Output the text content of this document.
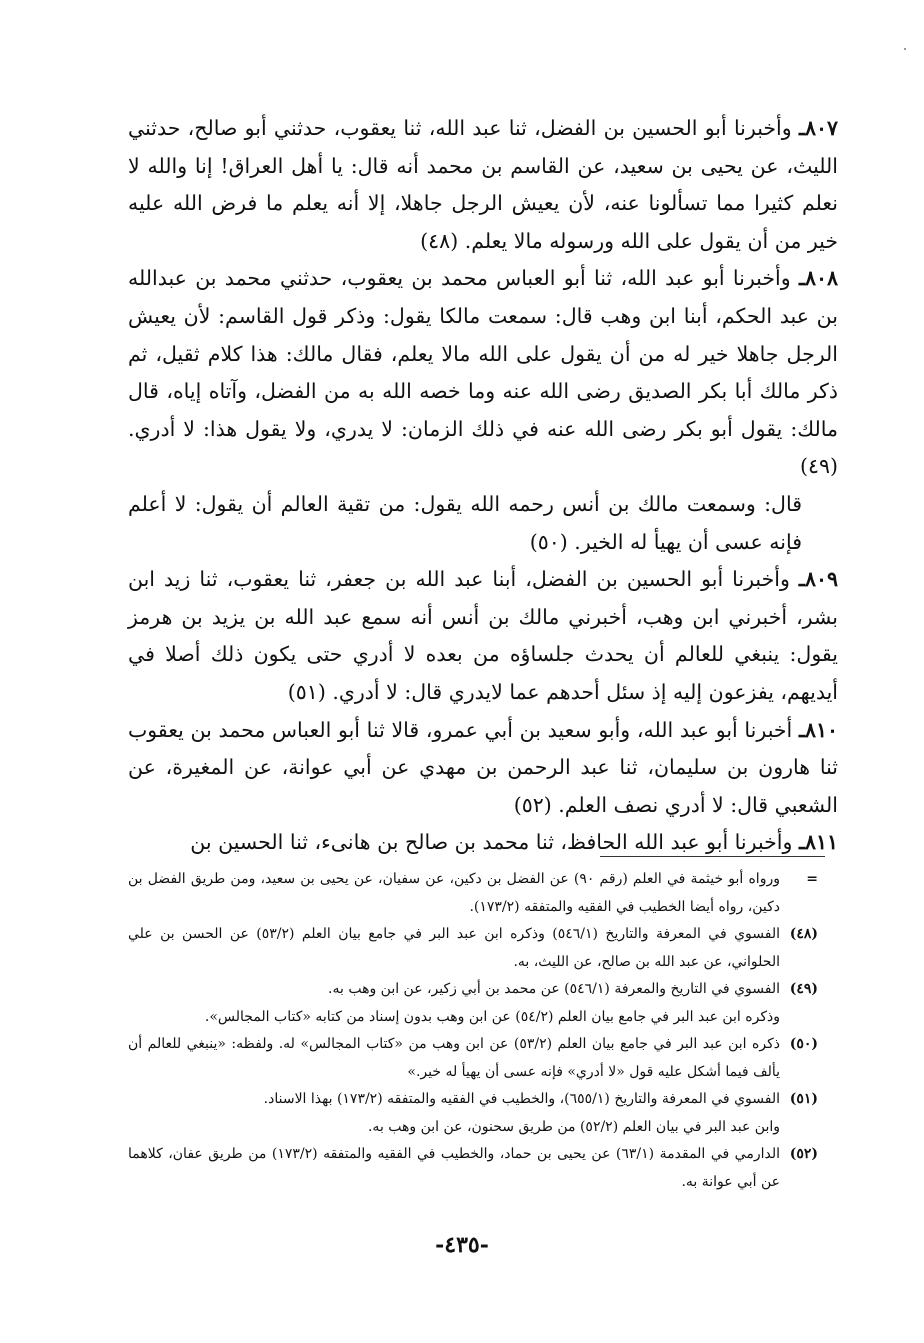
٨٠٧ـ وأخبرنا أبو الحسين بن الفضل، ثنا عبد الله، ثنا يعقوب، حدثني أبو صالح، حدثني الليث، عن يحيى بن سعيد، عن القاسم بن محمد أنه قال: يا أهل العراق! إنا والله لا نعلم كثيرا مما تسألونا عنه، لأن يعيش الرجل جاهلا، إلا أنه يعلم ما فرض الله عليه خير من أن يقول على الله ورسوله مالا يعلم. (٤٨)

٨٠٨ـ وأخبرنا أبو عبد الله، ثنا أبو العباس محمد بن يعقوب، حدثني محمد بن عبدالله بن عبد الحكم، أبنا ابن وهب قال: سمعت مالكا يقول: وذكر قول القاسم: لأن يعيش الرجل جاهلا خير له من أن يقول على الله مالا يعلم، فقال مالك: هذا كلام ثقيل، ثم ذكر مالك أبا بكر الصديق رضى الله عنه وما خصه الله به من الفضل، وآتاه إياه، قال مالك: يقول أبو بكر رضى الله عنه في ذلك الزمان: لا يدري، ولا يقول هذا: لا أدري. (٤٩)

قال: وسمعت مالك بن أنس رحمه الله يقول: من تقية العالم أن يقول: لا أعلم فإنه عسى أن يهيأ له الخير. (٥٠)

٨٠٩ـ وأخبرنا أبو الحسين بن الفضل، أبنا عبد الله بن جعفر، ثنا يعقوب، ثنا زيد ابن بشر، أخبرني ابن وهب، أخبرني مالك بن أنس أنه سمع عبد الله بن يزيد بن هرمز يقول: ينبغي للعالم أن يحدث جلساؤه من بعده لا أدري حتى يكون ذلك أصلا في أيديهم، يفزعون إليه إذ سئل أحدهم عما لايدري قال: لا أدري. (٥١)

٨١٠ـ أخبرنا أبو عبد الله، وأبو سعيد بن أبي عمرو، قالا ثنا أبو العباس محمد بن يعقوب ثنا هارون بن سليمان، ثنا عبد الرحمن بن مهدي عن أبي عوانة، عن المغيرة، عن الشعبي قال: لا أدري نصف العلم. (٥٢)

٨١١ـ وأخبرنا أبو عبد الله الحافظ، ثنا محمد بن صالح بن هانىء، ثنا الحسين بن

=
ورواه أبو خيثمة في العلم (رقم ٩٠) عن الفضل بن دكين، عن سفيان، عن يحيى بن سعيد، ومن طريق الفضل بن دكين، رواه أيضا الخطيب في الفقيه والمتفقه (١٧٣/٢).
(٤٨)
الفسوي في المعرفة والتاريخ (٥٤٦/١) وذكره ابن عبد البر في جامع بيان العلم (٥٣/٢) عن الحسن بن علي الحلواني، عن عبد الله بن صالح، عن الليث، به.
(٤٩)
الفسوي في التاريخ والمعرفة (٥٤٦/١) عن محمد بن أبي زكير، عن ابن وهب به.
وذكره ابن عبد البر في جامع بيان العلم (٥٤/٢) عن ابن وهب بدون إسناد من كتابه «كتاب المجالس».
(٥٠)
ذكره ابن عبد البر في جامع بيان العلم (٥٣/٢) عن ابن وهب من «كتاب المجالس» له. ولفظه: «ينبغي للعالم أن يألف فيما أشكل عليه قول «لا أدري» فإنه عسى أن يهيأ له خير.»
(٥١)
الفسوي في المعرفة والتاريخ (٦٥٥/١)، والخطيب في الفقيه والمتفقه (١٧٣/٢) بهذا الاسناد.
وابن عبد البر في بيان العلم (٥٢/٢) من طريق سحنون، عن ابن وهب به.
(٥٢)
الدارمي في المقدمة (٦٣/١) عن يحيى بن حماد، والخطيب في الفقيه والمتفقه (١٧٣/٢) من طريق عفان، كلاهما عن أبي عوانة به.
-٤٣٥-
